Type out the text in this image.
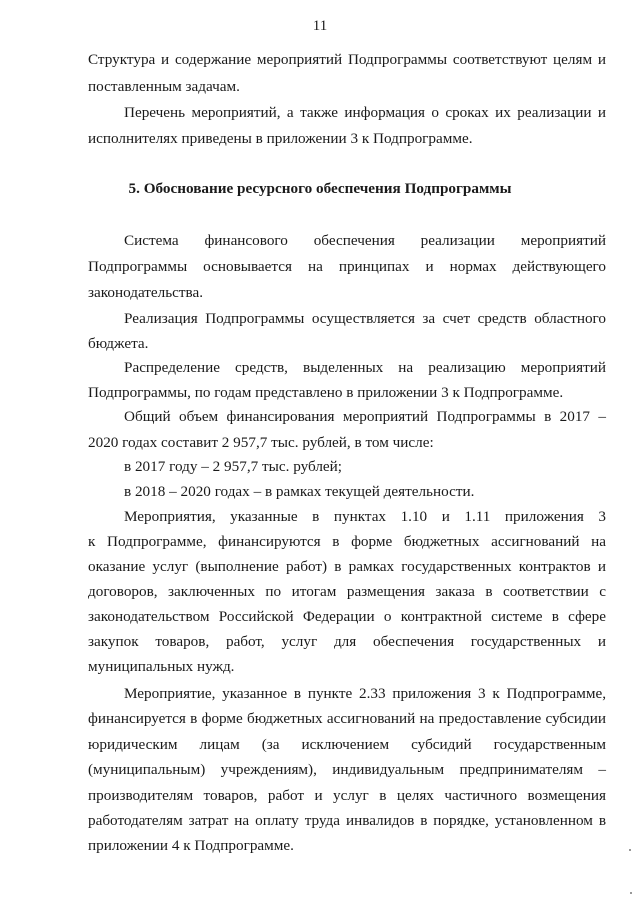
11
Структура и содержание мероприятий Подпрограммы соответствуют целям и
поставленным задачам.
Перечень мероприятий, а также информация о сроках их реализации и
исполнителях приведены в приложении 3 к Подпрограмме.
5. Обоснование ресурсного обеспечения Подпрограммы
Система финансового обеспечения реализации мероприятий
Подпрограммы основывается на принципах и нормах действующего
законодательства.
Реализация Подпрограммы осуществляется за счет средств областного
бюджета.
Распределение средств, выделенных на реализацию мероприятий
Подпрограммы, по годам представлено в приложении 3 к Подпрограмме.
Общий объем финансирования мероприятий Подпрограммы в 2017 –
2020 годах составит 2 957,7 тыс. рублей, в том числе:
в 2017 году – 2 957,7 тыс. рублей;
в 2018 – 2020 годах – в рамках текущей деятельности.
Мероприятия, указанные в пунктах 1.10 и 1.11 приложения 3
к Подпрограмме, финансируются в форме бюджетных ассигнований на
оказание услуг (выполнение работ) в рамках государственных контрактов и
договоров, заключенных по итогам размещения заказа в соответствии с
законодательством Российской Федерации о контрактной системе в сфере
закупок товаров, работ, услуг для обеспечения государственных и
муниципальных нужд.
Мероприятие, указанное в пункте 2.33 приложения 3 к Подпрограмме,
финансируется в форме бюджетных ассигнований на предоставление субсидии
юридическим лицам (за исключением субсидий государственным
(муниципальным) учреждениям), индивидуальным предпринимателям –
производителям товаров, работ и услуг в целях частичного возмещения
работодателям затрат на оплату труда инвалидов в порядке, установленном в
приложении 4 к Подпрограмме.
